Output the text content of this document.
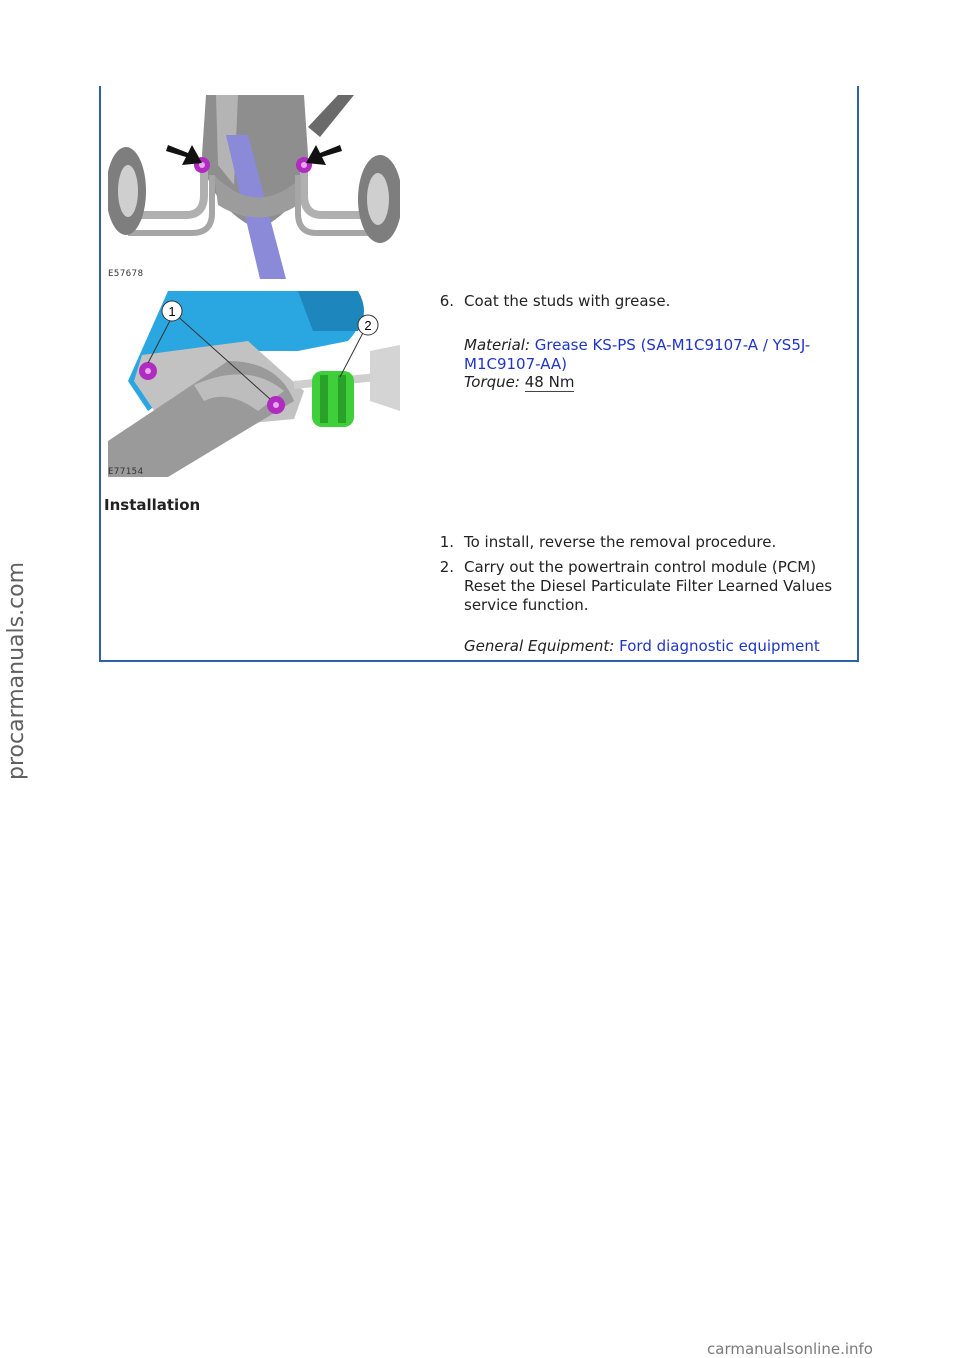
E57678
1
2
E77154
6. Coat the studs with grease.
Material: Grease KS-PS (SA-M1C9107-A / YS5J-
M1C9107-AA)
Torque: 48 Nm
Installation
1. To install, reverse the removal procedure.
2. Carry out the powertrain control module (PCM)
Reset the Diesel Particulate Filter Learned Values
service function.
General Equipment: Ford diagnostic equipment
procarmanuals.com
carmanualsonline.info
